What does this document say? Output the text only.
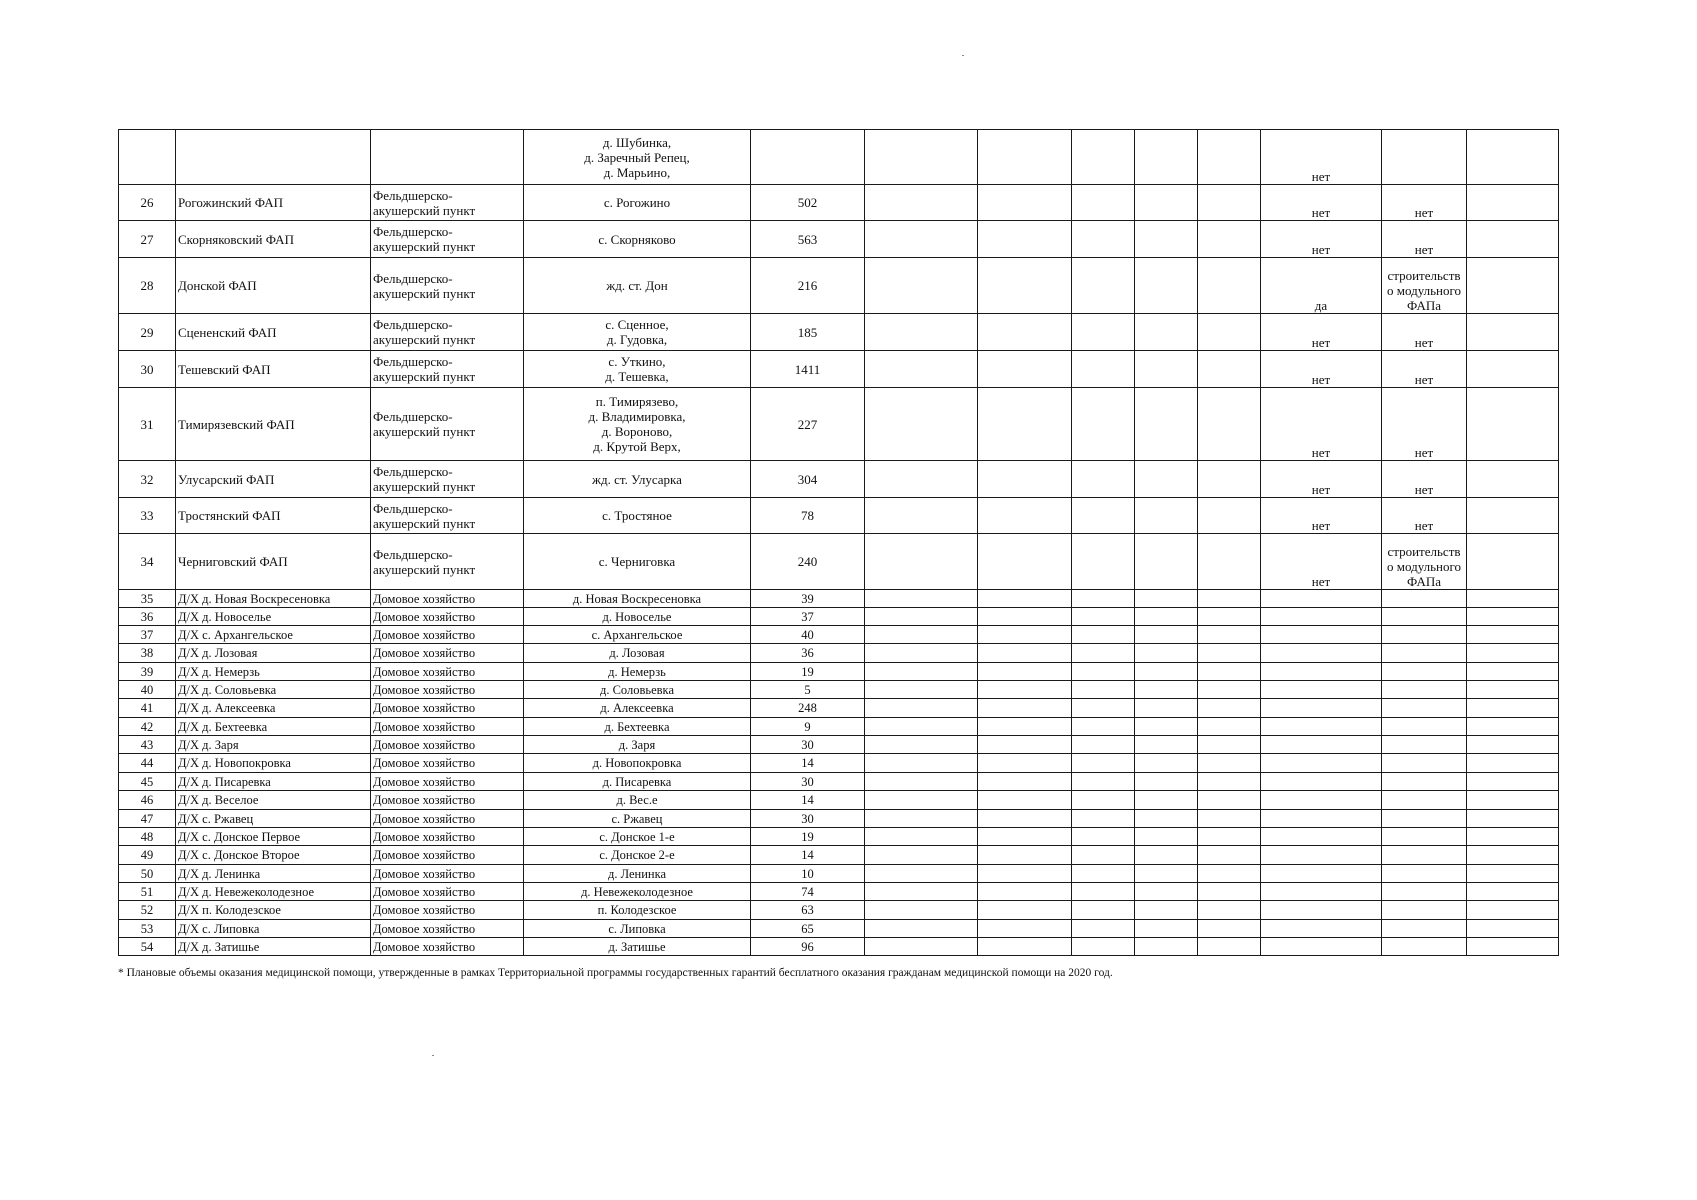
			д. Шубинка,
д. Заречный Репец,
д. Марьино,							нет		
26	Рогожинский ФАП	Фельдшерско-
акушерский пункт	с. Рогожино	502						нет	нет	

27	Скорняковский ФАП	Фельдшерско-
акушерский пункт	с. Скорняково	563						нет	нет	

28	Донской ФАП	Фельдшерско-
акушерский пункт	жд. ст. Дон	216						да	строительств
о модульного
ФАПа	

29	Сцененский ФАП	Фельдшерско-
акушерский пункт	с. Сценное,
д. Гудовка,	185						нет	нет	

30	Тешевский ФАП	Фельдшерско-
акушерский пункт	с. Уткино,
д. Тешевка,	1411						нет	нет	

31	Тимирязевский ФАП	Фельдшерско-
акушерский пункт	п. Тимирязево,
д. Владимировка,
д. Вороново,
д. Крутой Верх,	227						нет	нет	

32	Улусарский ФАП	Фельдшерско-
акушерский пункт	жд. ст. Улусарка	304						нет	нет	

33	Тростянский ФАП	Фельдшерско-
акушерский пункт	с. Тростяное	78						нет	нет	

34	Черниговский ФАП	Фельдшерско-
акушерский пункт	с. Черниговка	240						нет	строительств
о модульного
ФАПа	

35	Д/Х д. Новая Воскресеновка	Домовое хозяйство	д. Новая Воскресеновка	39								
36	Д/Х д. Новоселье	Домовое хозяйство	д. Новоселье	37								
37	Д/Х с. Архангельское	Домовое хозяйство	с. Архангельское	40								
38	Д/Х д. Лозовая	Домовое хозяйство	д. Лозовая	36								
39	Д/Х д. Немерзь	Домовое хозяйство	д. Немерзь	19								
40	Д/Х д. Соловьевка	Домовое хозяйство	д. Соловьевка	5								
41	Д/Х д. Алексеевка	Домовое хозяйство	д. Алексеевка	248								
42	Д/Х д. Бехтеевка	Домовое хозяйство	д. Бехтеевка	9								
43	Д/Х д. Заря	Домовое хозяйство	д. Заря	30								
44	Д/Х д. Новопокровка	Домовое хозяйство	д. Новопокровка	14								
45	Д/Х д. Писаревка	Домовое хозяйство	д. Писаревка	30								
46	Д/Х д. Веселое	Домовое хозяйство	д. Вес.е	14								
47	Д/Х с. Ржавец	Домовое хозяйство	с. Ржавец	30								
48	Д/Х с. Донское Первое	Домовое хозяйство	с. Донское 1-е	19								
49	Д/Х с. Донское Второе	Домовое хозяйство	с. Донское 2-е	14								
50	Д/Х д. Ленинка	Домовое хозяйство	д. Ленинка	10								
51	Д/Х д. Невежеколодезное	Домовое хозяйство	д. Невежеколодезное	74								
52	Д/Х п. Колодезское	Домовое хозяйство	п. Колодезское	63								
53	Д/Х с. Липовка	Домовое хозяйство	с. Липовка	65								
54	Д/Х д. Затишье	Домовое хозяйство	д. Затишье	96								
* Плановые объемы оказания медицинской помощи, утвержденные в рамках Территориальной программы государственных гарантий бесплатного оказания гражданам медицинской помощи на 2020 год.
